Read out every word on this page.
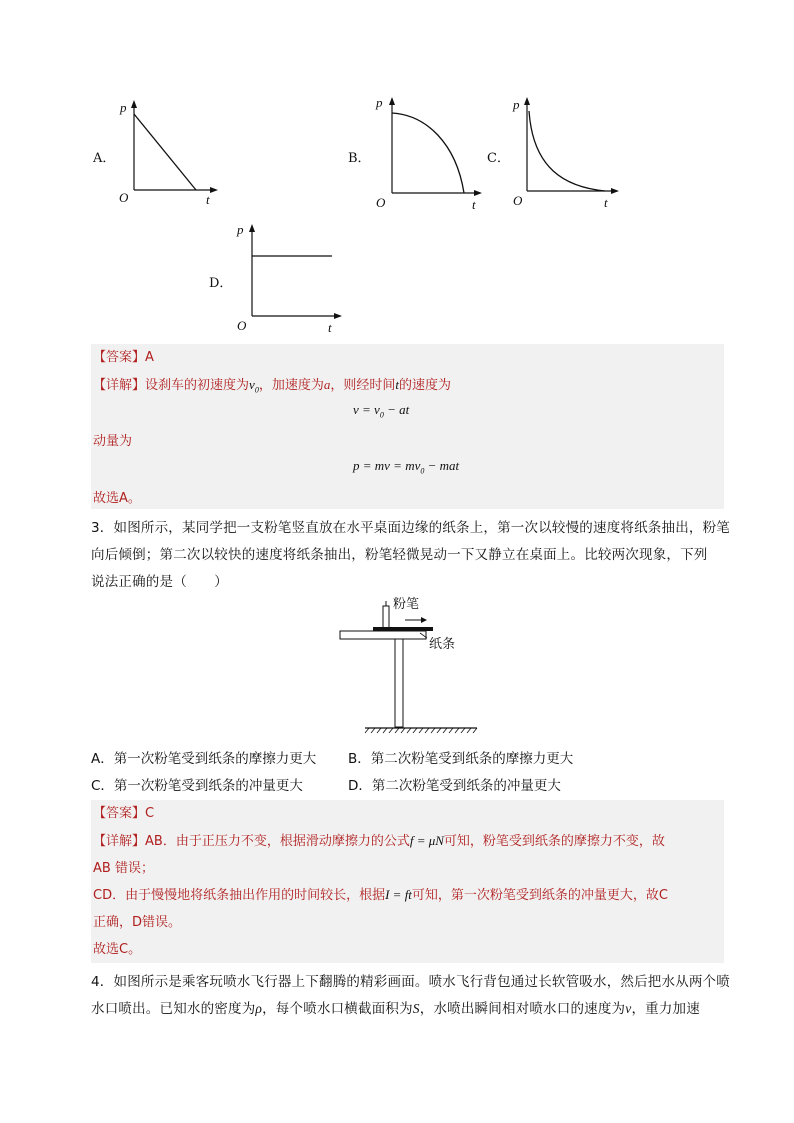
A．
p
O	t
B．
p
O	t
C．
p
O	t
D．
p
O	t
【答案】A
【详解】设刹车的初速度为$v_0$，加速度为a，则经时间t的速度为
$v = v_0$ − at
动量为
p = mv = $mv_0$ − mat
故选A。
3．如图所示，某同学把一支粉笔竖直放在水平桌面边缘的纸条上，第一次以较慢的速度将纸条抽出，粉笔
向后倾倒；第二次以较快的速度将纸条抽出，粉笔轻微晃动一下又静立在桌面上。比较两次现象，下列
说法正确的是（　　）
粉笔
纸条
A．第一次粉笔受到纸条的摩擦力更大 B．第二次粉笔受到纸条的摩擦力更大
C．第一次粉笔受到纸条的冲量更大	D．第二次粉笔受到纸条的冲量更大
【答案】C
【详解】AB．由于正压力不变，根据滑动摩擦力的公式f = μN可知，粉笔受到纸条的摩擦力不变，故
AB 错误；
CD．由于慢慢地将纸条抽出作用的时间较长，根据I = ft可知，第一次粉笔受到纸条的冲量更大，故C
正确，D错误。
故选C。
4．如图所示是乘客玩喷水飞行器上下翻腾的精彩画面。喷水飞行背包通过长软管吸水，然后把水从两个喷
水口喷出。已知水的密度为ρ，每个喷水口横截面积为S，水喷出瞬间相对喷水口的速度为v，重力加速
